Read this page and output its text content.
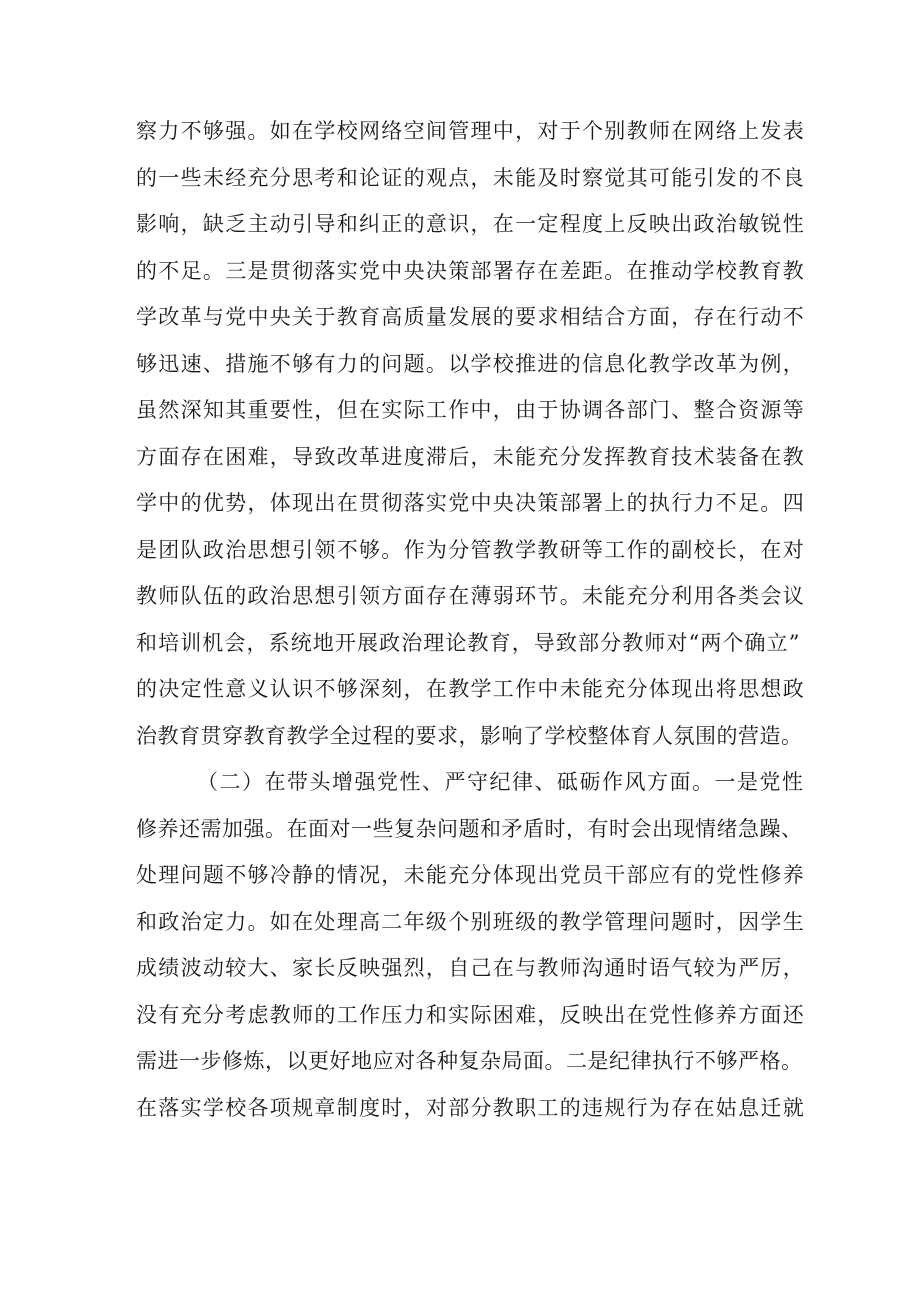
察力不够强。如在学校网络空间管理中，对于个别教师在网络上发表
的一些未经充分思考和论证的观点，未能及时察觉其可能引发的不良
影响，缺乏主动引导和纠正的意识，在一定程度上反映出政治敏锐性
的不足。三是贯彻落实党中央决策部署存在差距。在推动学校教育教
学改革与党中央关于教育高质量发展的要求相结合方面，存在行动不
够迅速、措施不够有力的问题。以学校推进的信息化教学改革为例，
虽然深知其重要性，但在实际工作中，由于协调各部门、整合资源等
方面存在困难，导致改革进度滞后，未能充分发挥教育技术装备在教
学中的优势，体现出在贯彻落实党中央决策部署上的执行力不足。四
是团队政治思想引领不够。作为分管教学教研等工作的副校长，在对
教师队伍的政治思想引领方面存在薄弱环节。未能充分利用各类会议
和培训机会，系统地开展政治理论教育，导致部分教师对“两个确立”
的决定性意义认识不够深刻，在教学工作中未能充分体现出将思想政
治教育贯穿教育教学全过程的要求，影响了学校整体育人氛围的营造。
（二）在带头增强党性、严守纪律、砥砺作风方面。一是党性
修养还需加强。在面对一些复杂问题和矛盾时，有时会出现情绪急躁、
处理问题不够冷静的情况，未能充分体现出党员干部应有的党性修养
和政治定力。如在处理高二年级个别班级的教学管理问题时，因学生
成绩波动较大、家长反映强烈，自己在与教师沟通时语气较为严厉，
没有充分考虑教师的工作压力和实际困难，反映出在党性修养方面还
需进一步修炼，以更好地应对各种复杂局面。二是纪律执行不够严格。
在落实学校各项规章制度时，对部分教职工的违规行为存在姑息迁就
